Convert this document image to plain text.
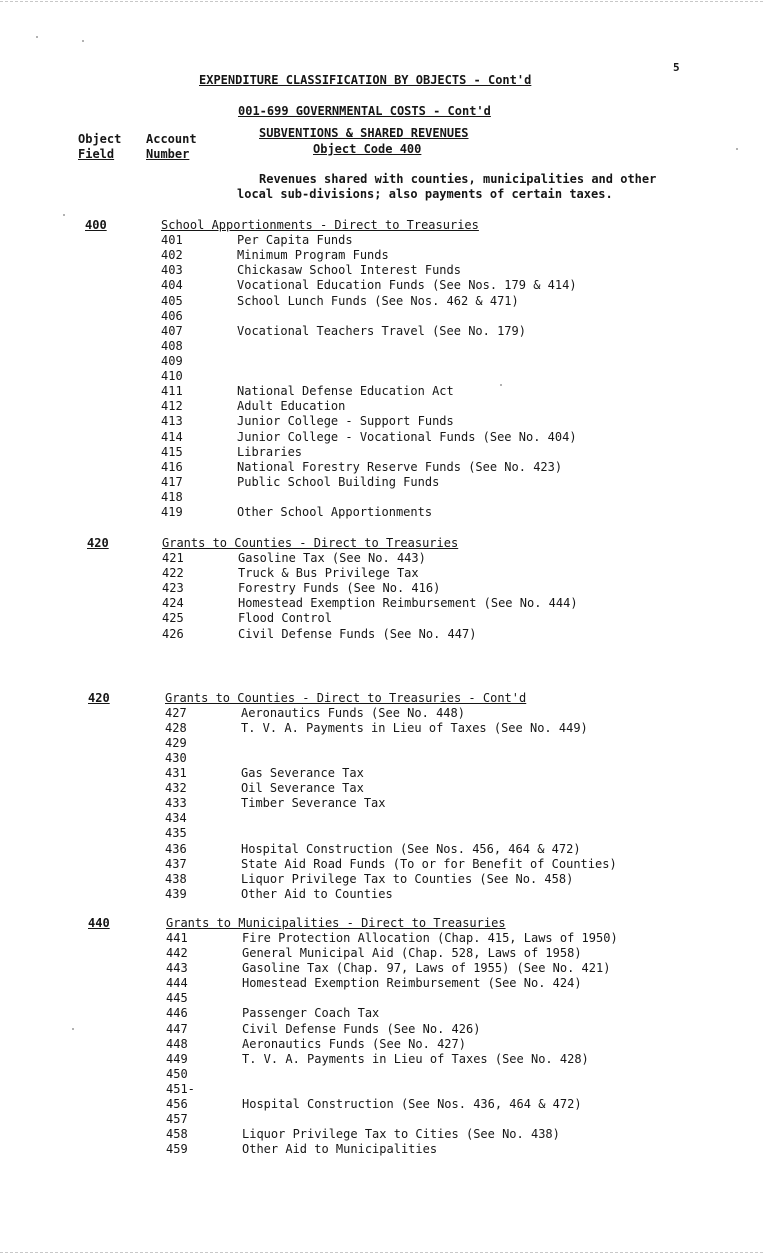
5
EXPENDITURE CLASSIFICATION BY OBJECTS - Cont'd
001-699 GOVERNMENTAL COSTS - Cont'd
SUBVENTIONS & SHARED REVENUES
Object Code 400
Object
Field
Account
Number
Revenues shared with counties, municipalities and other
local sub-divisions; also payments of certain taxes.
400	School Apportionments - Direct to Treasuries
401	Per Capita Funds
402	Minimum Program Funds
403	Chickasaw School Interest Funds
404	Vocational Education Funds (See Nos. 179 & 414)
405	School Lunch Funds (See Nos. 462 & 471)
406
407	Vocational Teachers Travel (See No. 179)
408
409
410
411	National Defense Education Act
412	Adult Education
413	Junior College - Support Funds
414	Junior College - Vocational Funds (See No. 404)
415	Libraries
416	National Forestry Reserve Funds (See No. 423)
417	Public School Building Funds
418
419	Other School Apportionments
420	Grants to Counties - Direct to Treasuries
421	Gasoline Tax (See No. 443)
422	Truck & Bus Privilege Tax
423	Forestry Funds (See No. 416)
424	Homestead Exemption Reimbursement (See No. 444)
425	Flood Control
426	Civil Defense Funds (See No. 447)
420	Grants to Counties - Direct to Treasuries - Cont'd
427	Aeronautics Funds (See No. 448)
428	T. V. A. Payments in Lieu of Taxes (See No. 449)
429
430
431	Gas Severance Tax
432	Oil Severance Tax
433	Timber Severance Tax
434
435
436	Hospital Construction (See Nos. 456, 464 & 472)
437	State Aid Road Funds (To or for Benefit of Counties)
438	Liquor Privilege Tax to Counties (See No. 458)
439	Other Aid to Counties
440	Grants to Municipalities - Direct to Treasuries
441	Fire Protection Allocation (Chap. 415, Laws of 1950)
442	General Municipal Aid (Chap. 528, Laws of 1958)
443	Gasoline Tax (Chap. 97, Laws of 1955) (See No. 421)
444	Homestead Exemption Reimbursement (See No. 424)
445
446	Passenger Coach Tax
447	Civil Defense Funds (See No. 426)
448	Aeronautics Funds (See No. 427)
449	T. V. A. Payments in Lieu of Taxes (See No. 428)
450
451-
456	Hospital Construction (See Nos. 436, 464 & 472)
457
458	Liquor Privilege Tax to Cities (See No. 438)
459	Other Aid to Municipalities
